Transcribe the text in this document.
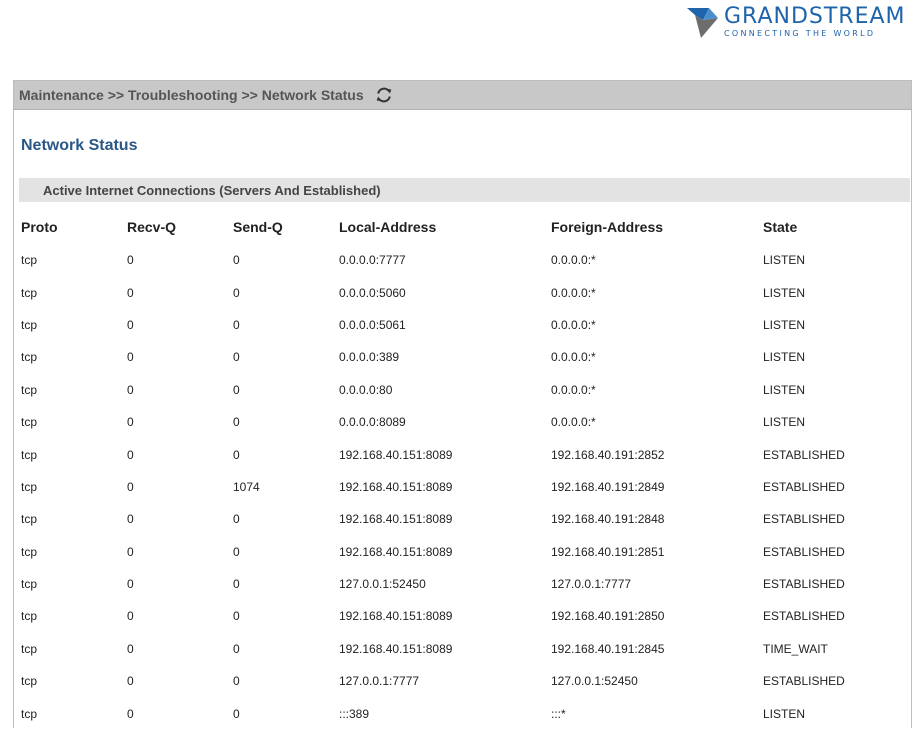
GRANDSTREAM
CONNECTING THE WORLD
Maintenance >> Troubleshooting >> Network Status
Network Status
Active Internet Connections (Servers And Established)
Proto	Recv-Q	Send-Q	Local-Address	Foreign-Address	State
tcp	0	0	0.0.0.0:7777	0.0.0.0:*	LISTEN
tcp	0	0	0.0.0.0:5060	0.0.0.0:*	LISTEN
tcp	0	0	0.0.0.0:5061	0.0.0.0:*	LISTEN
tcp	0	0	0.0.0.0:389	0.0.0.0:*	LISTEN
tcp	0	0	0.0.0.0:80	0.0.0.0:*	LISTEN
tcp	0	0	0.0.0.0:8089	0.0.0.0:*	LISTEN
tcp	0	0	192.168.40.151:8089	192.168.40.191:2852	ESTABLISHED
tcp	0	1074	192.168.40.151:8089	192.168.40.191:2849	ESTABLISHED
tcp	0	0	192.168.40.151:8089	192.168.40.191:2848	ESTABLISHED
tcp	0	0	192.168.40.151:8089	192.168.40.191:2851	ESTABLISHED
tcp	0	0	127.0.0.1:52450	127.0.0.1:7777	ESTABLISHED
tcp	0	0	192.168.40.151:8089	192.168.40.191:2850	ESTABLISHED
tcp	0	0	192.168.40.151:8089	192.168.40.191:2845	TIME_WAIT
tcp	0	0	127.0.0.1:7777	127.0.0.1:52450	ESTABLISHED
tcp	0	0	:::389	:::*	LISTEN
